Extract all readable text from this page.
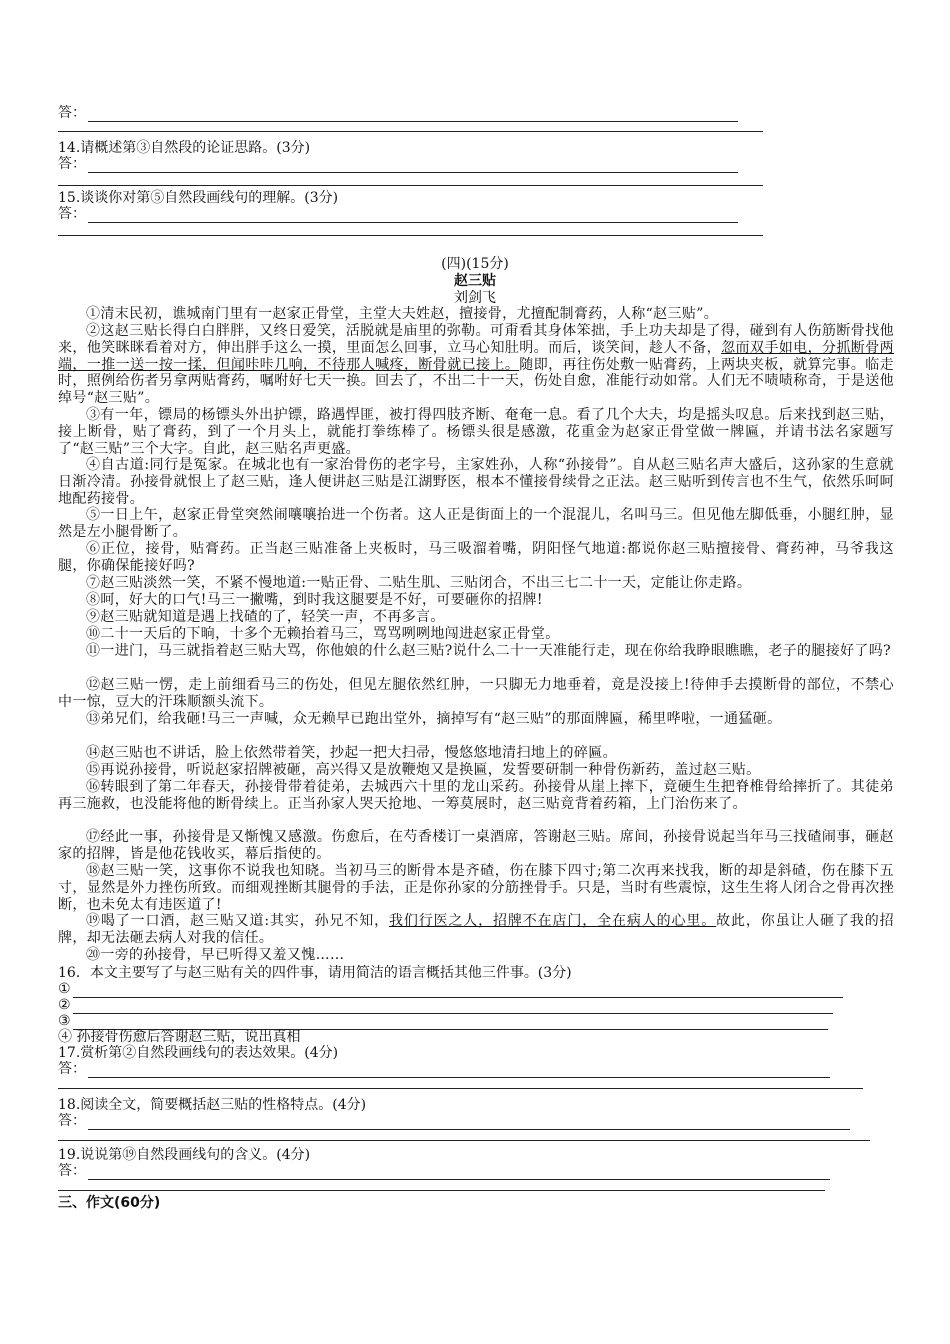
答：
14.请概述第③自然段的论证思路。(3分)
答：
15.谈谈你对第⑤自然段画线句的理解。(3分)
答：
(四)(15分)
赵三贴
刘剑飞
①清末民初，谯城南门里有一赵家正骨堂，主堂大夫姓赵，擅接骨，尤擅配制膏药，人称“赵三贴”。
②这赵三贴长得白白胖胖，又终日爱笑，活脱就是庙里的弥勒。可甭看其身体笨拙，手上功夫却是了得，碰到有人伤筋断骨找他来，他笑眯眯看着对方，伸出胖手这么一摸，里面怎么回事，立马心知肚明。而后，谈笑间，趁人不备，忽而双手如电，分抓断骨两端，一推一送一按一揉，但闻咔咔几响，不待那人喊疼，断骨就已接上。随即，再往伤处敷一贴膏药，上两块夹板，就算完事。临走时，照例给伤者另拿两贴膏药，嘱咐好七天一换。回去了，不出二十一天，伤处自愈，准能行动如常。人们无不啧啧称奇，于是送他绰号“赵三贴”。
③有一年，镖局的杨镖头外出护镖，路遇悍匪，被打得四肢齐断、奄奄一息。看了几个大夫，均是摇头叹息。后来找到赵三贴，接上断骨，贴了膏药，到了一个月头上，就能打拳练棒了。杨镖头很是感激，花重金为赵家正骨堂做一牌匾，并请书法名家题写了“赵三贴”三个大字。自此，赵三贴名声更盛。
④自古道:同行是冤家。在城北也有一家治骨伤的老字号，主家姓孙，人称“孙接骨”。自从赵三贴名声大盛后，这孙家的生意就日渐冷清。孙接骨就恨上了赵三贴，逢人便讲赵三贴是江湖野医，根本不懂接骨续骨之正法。赵三贴听到传言也不生气，依然乐呵呵地配药接骨。
⑤一日上午，赵家正骨堂突然闹嚷嚷抬进一个伤者。这人正是街面上的一个混混儿，名叫马三。但见他左脚低垂，小腿红肿，显然是左小腿骨断了。
⑥正位，接骨，贴膏药。正当赵三贴准备上夹板时，马三吸溜着嘴，阴阳怪气地道:都说你赵三贴擅接骨、膏药神，马爷我这腿，你确保能接好吗?
⑦赵三贴淡然一笑，不紧不慢地道:一贴正骨、二贴生肌、三贴闭合，不出三七二十一天，定能让你走路。
⑧呵，好大的口气!马三一撇嘴，到时我这腿要是不好，可要砸你的招牌!
⑨赵三贴就知道是遇上找碴的了，轻笑一声，不再多言。
⑩二十一天后的下晌，十多个无赖抬着马三，骂骂咧咧地闯进赵家正骨堂。
⑪一进门，马三就指着赵三贴大骂，你他娘的什么赵三贴?说什么二十一天准能行走，现在你给我睁眼瞧瞧，老子的腿接好了吗?
⑫赵三贴一愣，走上前细看马三的伤处，但见左腿依然红肿，一只脚无力地垂着，竟是没接上!待伸手去摸断骨的部位，不禁心中一惊，豆大的汗珠顺额头流下。
⑬弟兄们，给我砸!马三一声喊，众无赖早已跑出堂外，摘掉写有“赵三贴”的那面牌匾，稀里哗啦，一通猛砸。
⑭赵三贴也不讲话，脸上依然带着笑，抄起一把大扫帚，慢悠悠地清扫地上的碎匾。
⑮再说孙接骨，听说赵家招牌被砸，高兴得又是放鞭炮又是换匾，发誓要研制一种骨伤新药，盖过赵三贴。
⑯转眼到了第二年春天，孙接骨带着徒弟，去城西六十里的龙山采药。孙接骨从崖上摔下，竟硬生生把脊椎骨给摔折了。其徒弟再三施救，也没能将他的断骨续上。正当孙家人哭天抢地、一筹莫展时，赵三贴竟背着药箱，上门治伤来了。
⑰经此一事，孙接骨是又惭愧又感激。伤愈后，在芍香楼订一桌酒席，答谢赵三贴。席间，孙接骨说起当年马三找碴闹事，砸赵家的招牌，皆是他花钱收买，幕后指使的。
⑱赵三贴一笑，这事你不说我也知晓。当初马三的断骨本是齐碴，伤在膝下四寸;第二次再来找我，断的却是斜碴，伤在膝下五寸，显然是外力挫伤所致。而细观挫断其腿骨的手法，正是你孙家的分筋挫骨手。只是，当时有些震惊，这生生将人闭合之骨再次挫断，也未免太有违医道了!
⑲喝了一口酒，赵三贴又道:其实，孙兄不知，我们行医之人，招牌不在店门，全在病人的心里。故此，你虽让人砸了我的招牌，却无法砸去病人对我的信任。
⑳一旁的孙接骨，早已听得又羞又愧……
16．本文主要写了与赵三贴有关的四件事，请用简洁的语言概括其他三件事。(3分)
①
②
③
④ 孙接骨伤愈后答谢赵三贴，说出真相
17.赏析第②自然段画线句的表达效果。(4分)
答：
18.阅读全文，简要概括赵三贴的性格特点。(4分)
答：
19.说说第⑲自然段画线句的含义。(4分)
答：
三、作文(60分)
